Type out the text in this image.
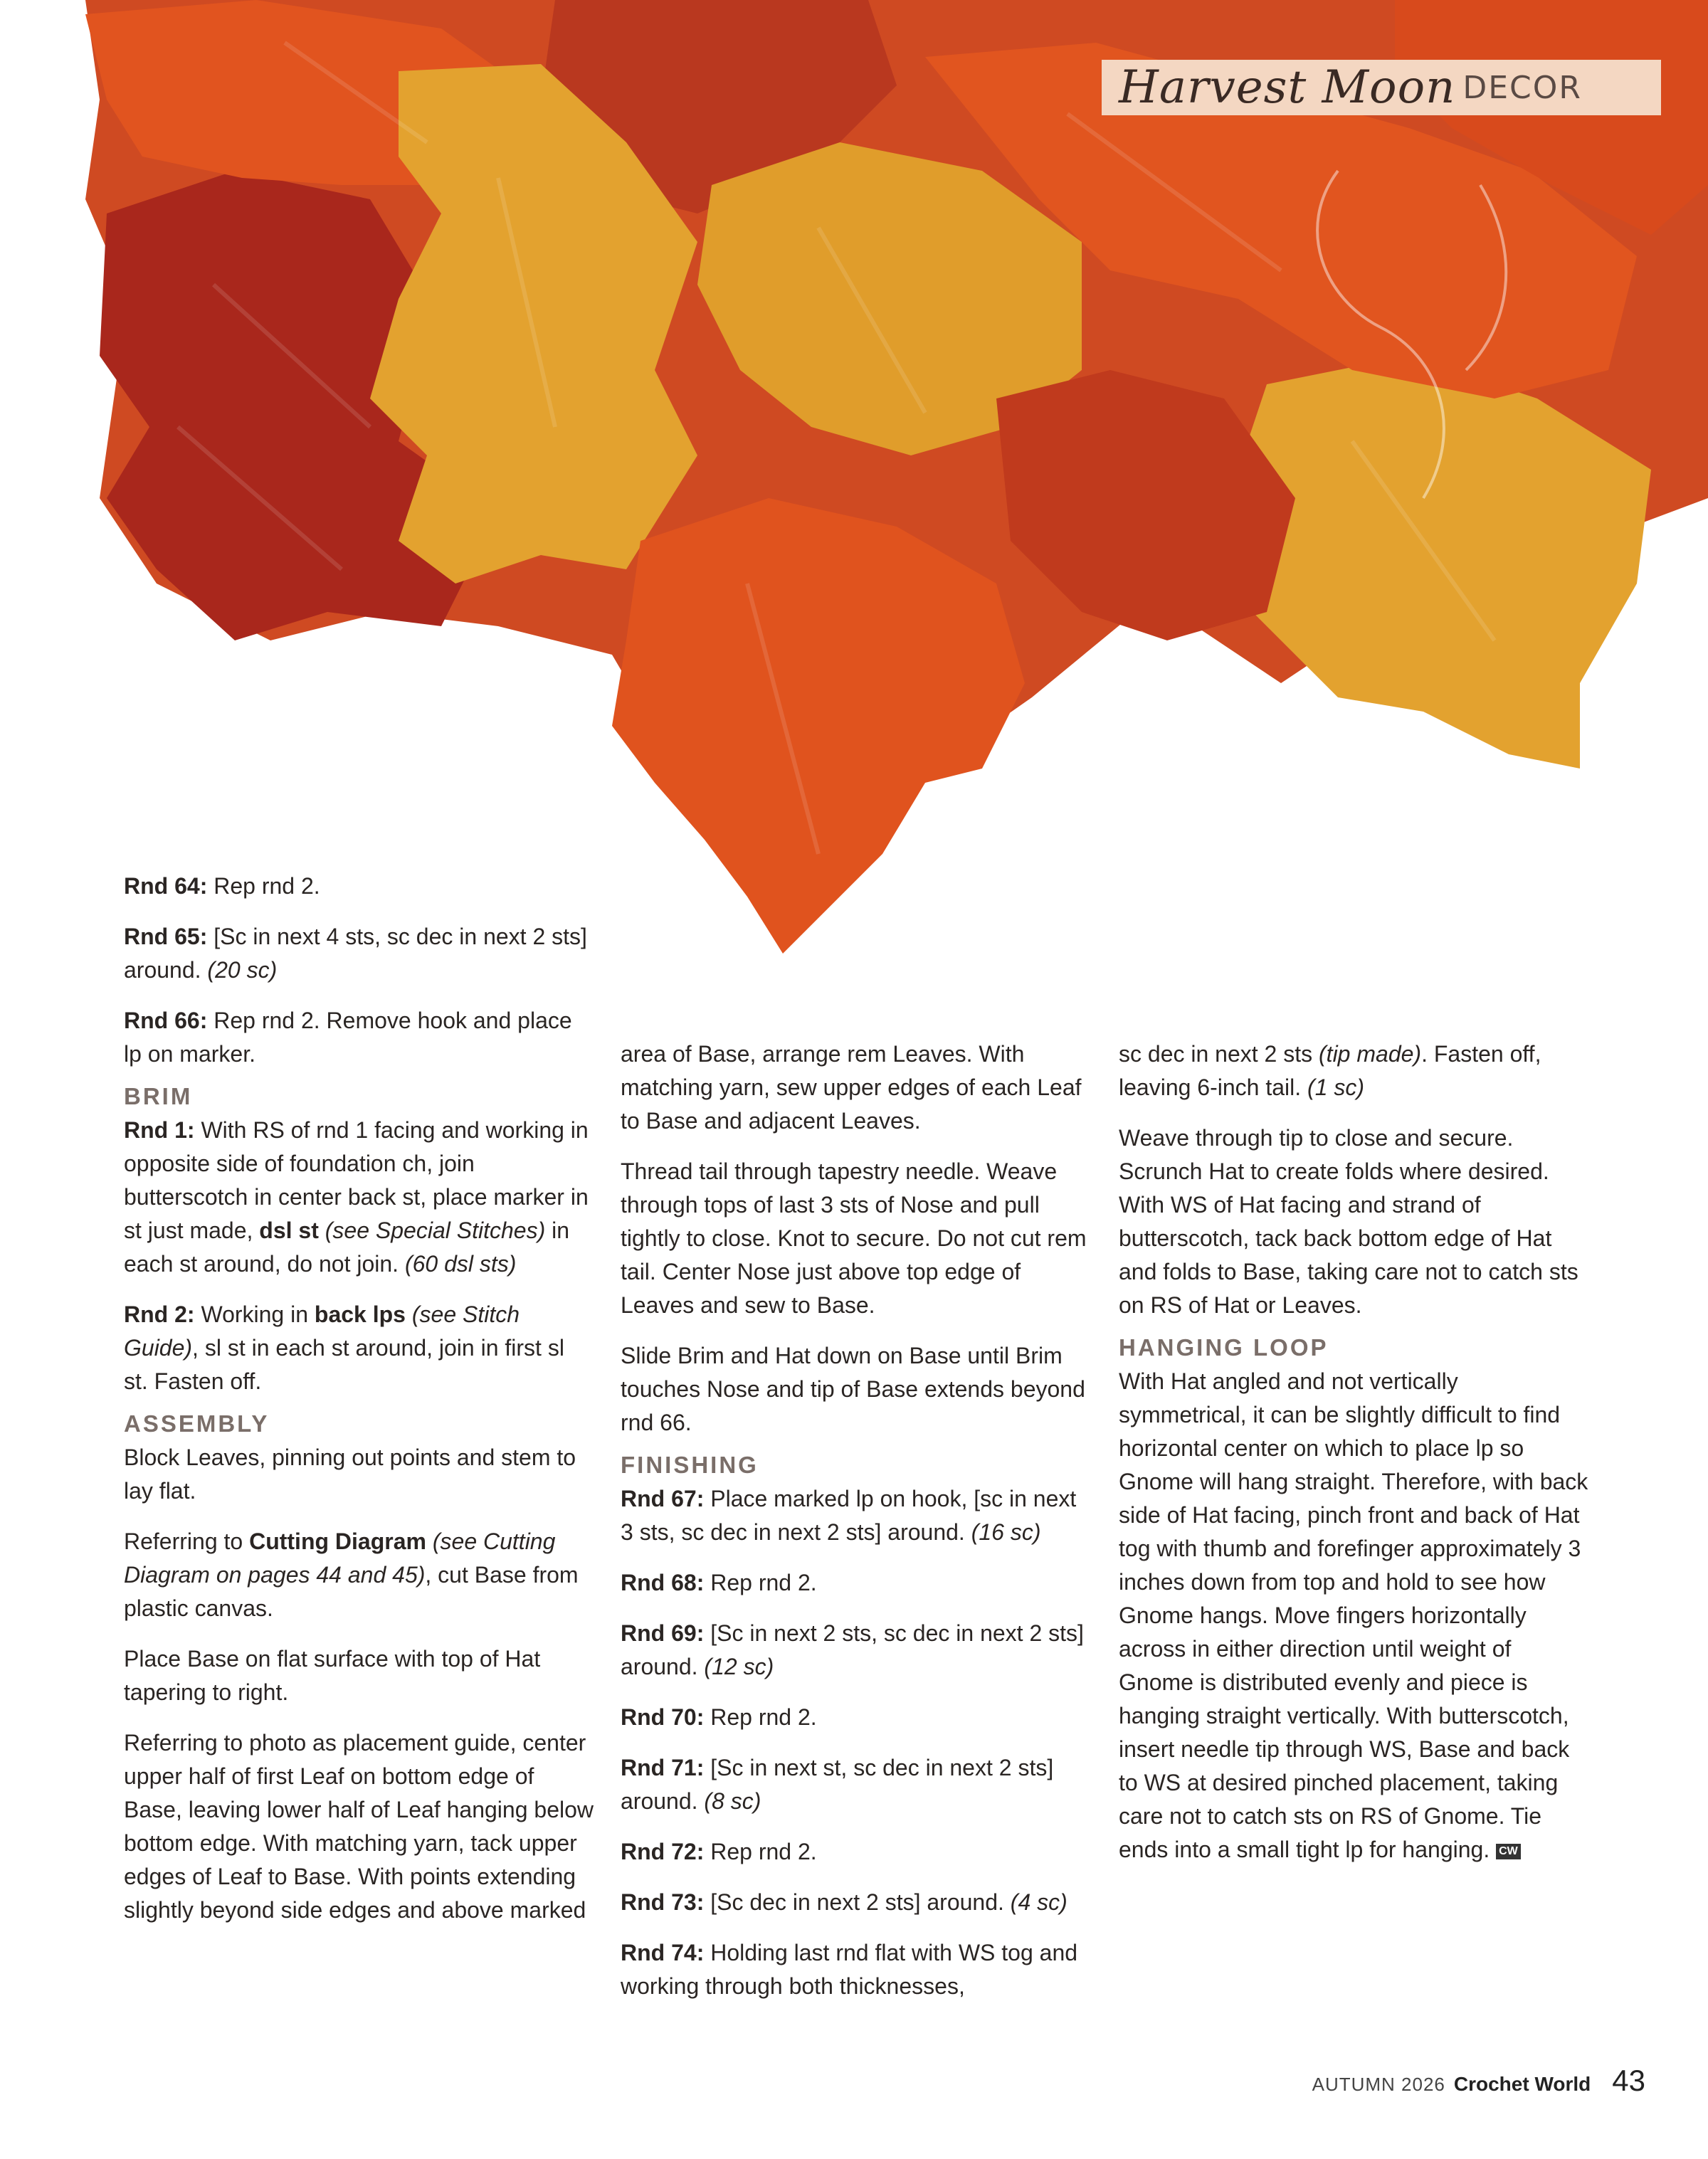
Harvest Moon DECOR

Rnd 64: Rep rnd 2.

Rnd 65: [Sc in next 4 sts, sc dec in next 2 sts] around. (20 sc)

Rnd 66: Rep rnd 2. Remove hook and place lp on marker.

BRIM

Rnd 1: With RS of rnd 1 facing and working in opposite side of foundation ch, join butterscotch in center back st, place marker in st just made, dsl st (see Special Stitches) in each st around, do not join. (60 dsl sts)

Rnd 2: Working in back lps (see Stitch Guide), sl st in each st around, join in first sl st. Fasten off.

ASSEMBLY

Block Leaves, pinning out points and stem to lay flat.

Referring to Cutting Diagram (see Cutting Diagram on pages 44 and 45), cut Base from plastic canvas.

Place Base on flat surface with top of Hat tapering to right.

Referring to photo as placement guide, center upper half of first Leaf on bottom edge of Base, leaving lower half of Leaf hanging below bottom edge. With matching yarn, tack upper edges of Leaf to Base. With points extending slightly beyond side edges and above marked

area of Base, arrange rem Leaves. With matching yarn, sew upper edges of each Leaf to Base and adjacent Leaves.

Thread tail through tapestry needle. Weave through tops of last 3 sts of Nose and pull tightly to close. Knot to secure. Do not cut rem tail. Center Nose just above top edge of Leaves and sew to Base.

Slide Brim and Hat down on Base until Brim touches Nose and tip of Base extends beyond rnd 66.

FINISHING

Rnd 67: Place marked lp on hook, [sc in next 3 sts, sc dec in next 2 sts] around. (16 sc)

Rnd 68: Rep rnd 2.

Rnd 69: [Sc in next 2 sts, sc dec in next 2 sts] around. (12 sc)

Rnd 70: Rep rnd 2.

Rnd 71: [Sc in next st, sc dec in next 2 sts] around. (8 sc)

Rnd 72: Rep rnd 2.

Rnd 73: [Sc dec in next 2 sts] around. (4 sc)

Rnd 74: Holding last rnd flat with WS tog and working through both thicknesses,

sc dec in next 2 sts (tip made). Fasten off, leaving 6-inch tail. (1 sc)

Weave through tip to close and secure. Scrunch Hat to create folds where desired. With WS of Hat facing and strand of butterscotch, tack back bottom edge of Hat and folds to Base, taking care not to catch sts on RS of Hat or Leaves.

HANGING LOOP

With Hat angled and not vertically symmetrical, it can be slightly difficult to find horizontal center on which to place lp so Gnome will hang straight. Therefore, with back side of Hat facing, pinch front and back of Hat tog with thumb and forefinger approximately 3 inches down from top and hold to see how Gnome hangs. Move fingers horizontally across in either direction until weight of Gnome is distributed evenly and piece is hanging straight vertically. With butterscotch, insert needle tip through WS, Base and back to WS at desired pinched placement, taking care not to catch sts on RS of Gnome. Tie ends into a small tight lp for hanging. CW

AUTUMN 2026 Crochet World 43
